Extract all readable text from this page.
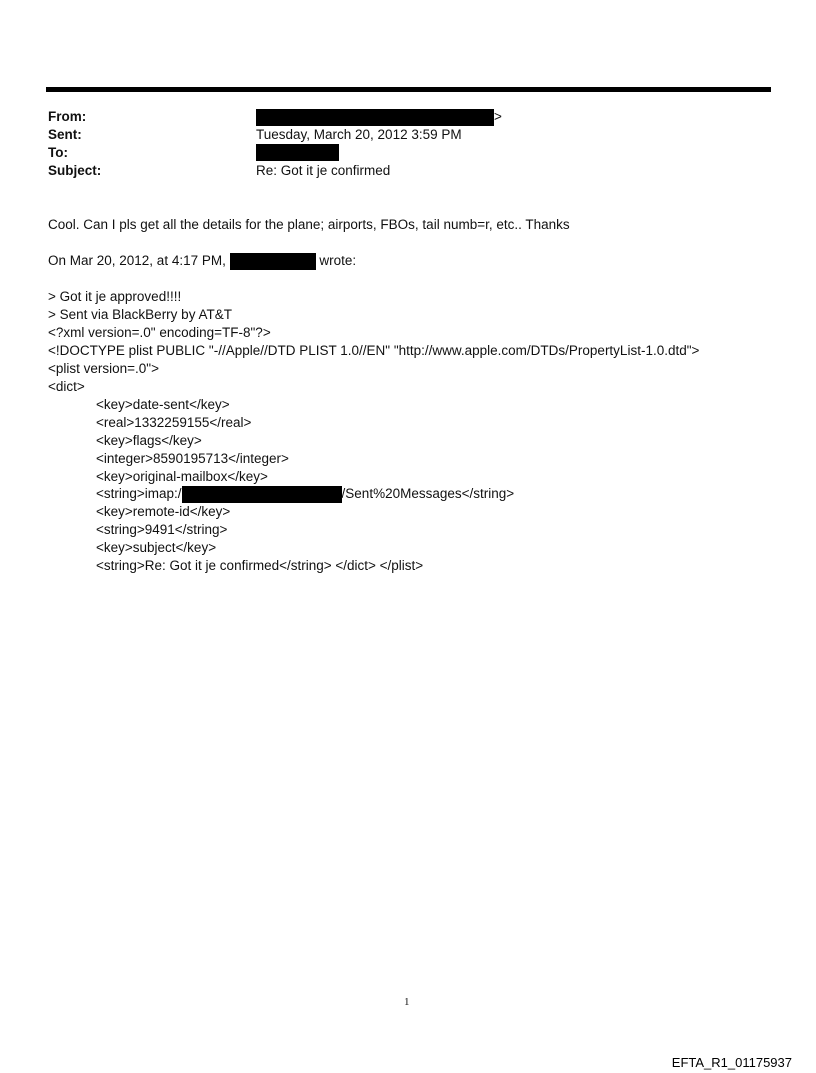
From:	>
Sent:	Tuesday, March 20, 2012 3:59 PM
To:
Subject:	Re: Got it je confirmed
Cool. Can I pls get all the details for the plane; airports, FBOs, tail numb=r, etc.. Thanks
On Mar 20, 2012, at 4:17 PM,	wrote:
> Got it je approved!!!!
> Sent via BlackBerry by AT&T
<?xml version=.0" encoding=TF-8"?>
<!DOCTYPE plist PUBLIC "-//Apple//DTD PLIST 1.0//EN" "http://www.apple.com/DTDs/PropertyList-1.0.dtd">
<plist version=.0">
<dict>
<key>date-sent</key>
<real>1332259155</real>
<key>flags</key>
<integer>8590195713</integer>
<key>original-mailbox</key>
<string>imap:/	/Sent%20Messages</string>
<key>remote-id</key>
<string>9491</string>
<key>subject</key>
<string>Re: Got it je confirmed</string> </dict> </plist>
1
EFTA_R1_01175937
